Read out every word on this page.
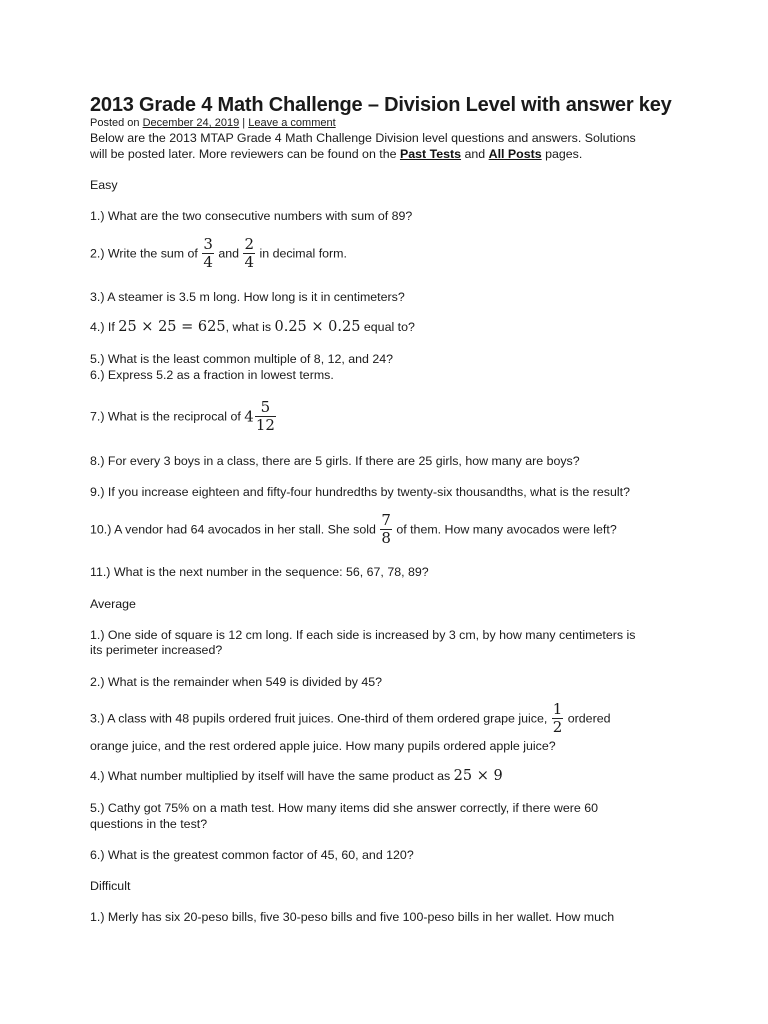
2013 Grade 4 Math Challenge – Division Level with answer key
Posted on December 24, 2019 | Leave a comment
Below are the 2013 MTAP Grade 4 Math Challenge Division level questions and answers. Solutions
will be posted later. More reviewers can be found on the Past Tests and All Posts pages.
Easy
1.) What are the two consecutive numbers with sum of 89?
2.) Write the sum of $\frac{3}{4}$ and $\frac{2}{4}$ in decimal form.
3.) A steamer is 3.5 m long. How long is it in centimeters?
4.) If 25 × 25 = 625, what is 0.25 × 0.25 equal to?
5.) What is the least common multiple of 8, 12, and 24?
6.) Express 5.2 as a fraction in lowest terms.
7.) What is the reciprocal of $4 \frac{5}{12}$
8.) For every 3 boys in a class, there are 5 girls. If there are 25 girls, how many are boys?
9.) If you increase eighteen and fifty-four hundredths by twenty-six thousandths, what is the result?
10.) A vendor had 64 avocados in her stall. She sold $\frac{7}{8}$ of them. How many avocados were left?
11.) What is the next number in the sequence: 56, 67, 78, 89?
Average
1.) One side of square is 12 cm long. If each side is increased by 3 cm, by how many centimeters is
its perimeter increased?
2.) What is the remainder when 549 is divided by 45?
3.) A class with 48 pupils ordered fruit juices. One-third of them ordered grape juice, $\frac{1}{2}$ ordered
orange juice, and the rest ordered apple juice. How many pupils ordered apple juice?
4.) What number multiplied by itself will have the same product as 25 × 9
5.) Cathy got 75% on a math test. How many items did she answer correctly, if there were 60
questions in the test?
6.) What is the greatest common factor of 45, 60, and 120?
Difficult
1.) Merly has six 20-peso bills, five 30-peso bills and five 100-peso bills in her wallet. How much
